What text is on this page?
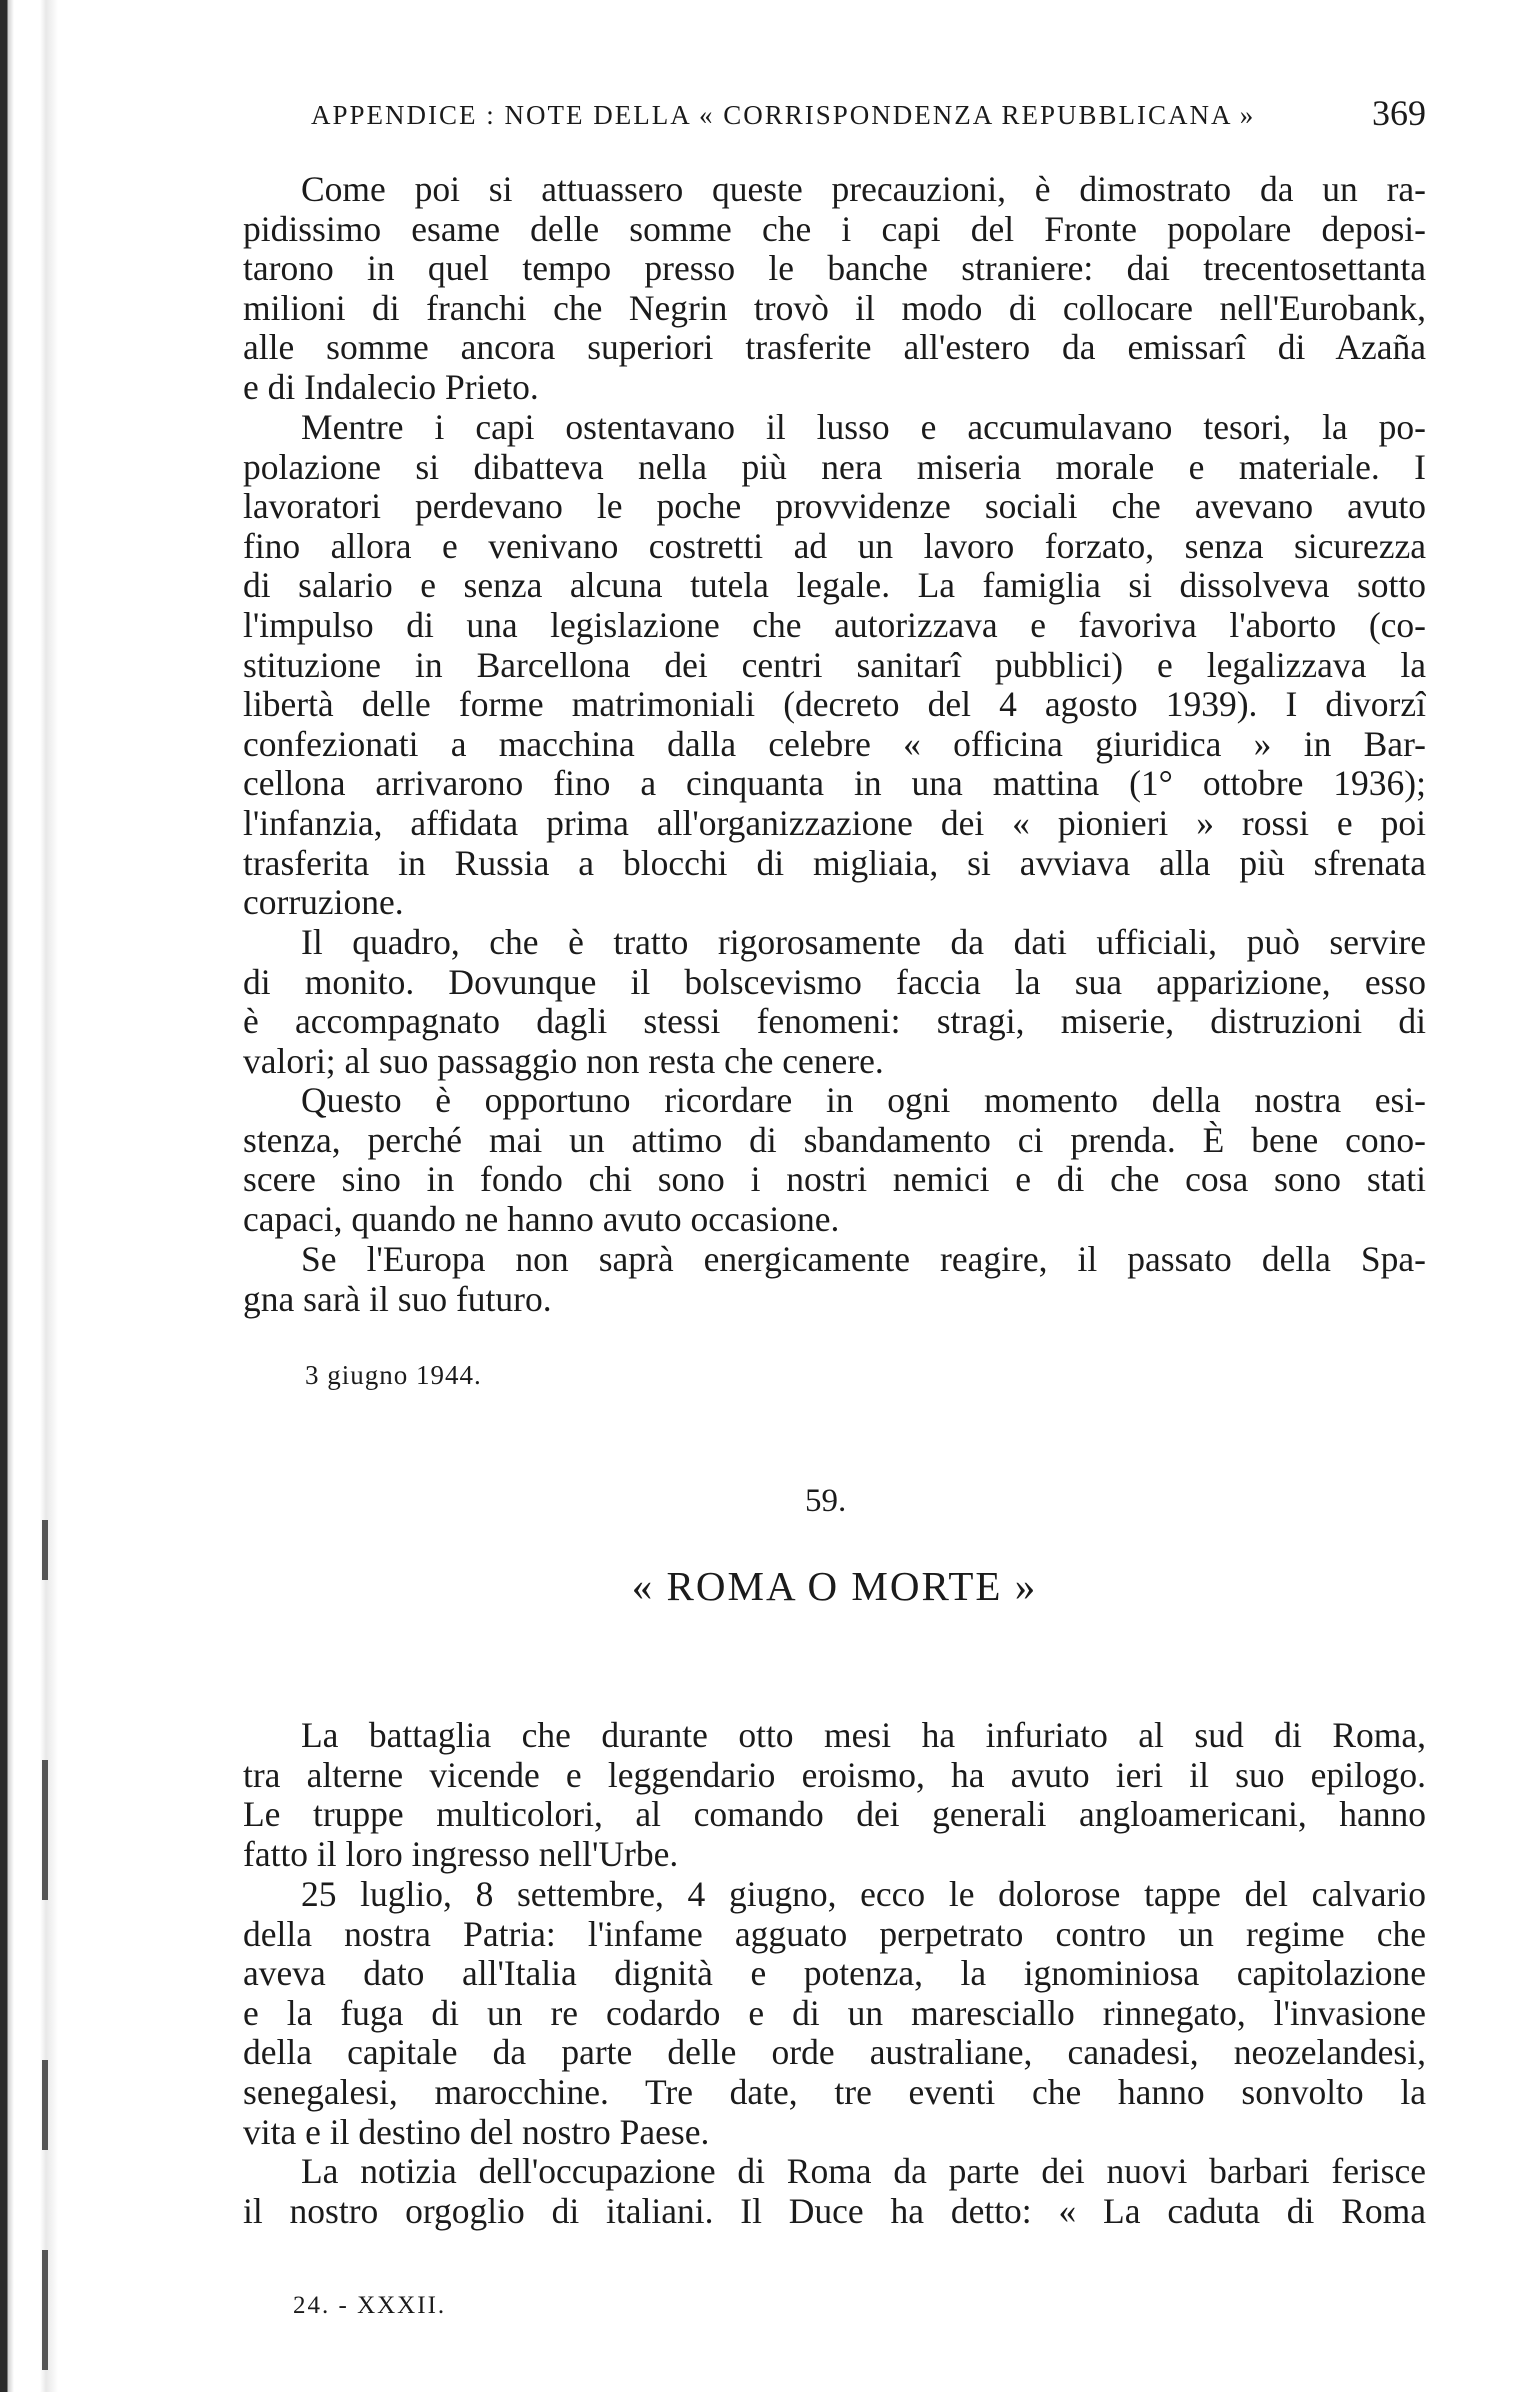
APPENDICE : NOTE DELLA « CORRISPONDENZA REPUBBLICANA »	369
Come poi si attuassero queste precauzioni, è dimostrato da un ra-
pidissimo esame delle somme che i capi del Fronte popolare deposi-
tarono in quel tempo presso le banche straniere: dai trecentosettanta
milioni di franchi che Negrin trovò il modo di collocare nell'Eurobank,
alle somme ancora superiori trasferite all'estero da emissarî di Azaña
e di Indalecio Prieto.
Mentre i capi ostentavano il lusso e accumulavano tesori, la po-
polazione si dibatteva nella più nera miseria morale e materiale. I
lavoratori perdevano le poche provvidenze sociali che avevano avuto
fino allora e venivano costretti ad un lavoro forzato, senza sicurezza
di salario e senza alcuna tutela legale. La famiglia si dissolveva sotto
l'impulso di una legislazione che autorizzava e favoriva l'aborto (co-
stituzione in Barcellona dei centri sanitarî pubblici) e legalizzava la
libertà delle forme matrimoniali (decreto del 4 agosto 1939). I divorzî
confezionati a macchina dalla celebre « officina giuridica » in Bar-
cellona arrivarono fino a cinquanta in una mattina (1° ottobre 1936);
l'infanzia, affidata prima all'organizzazione dei « pionieri » rossi e poi
trasferita in Russia a blocchi di migliaia, si avviava alla più sfrenata
corruzione.
Il quadro, che è tratto rigorosamente da dati ufficiali, può servire
di monito. Dovunque il bolscevismo faccia la sua apparizione, esso
è accompagnato dagli stessi fenomeni: stragi, miserie, distruzioni di
valori; al suo passaggio non resta che cenere.
Questo è opportuno ricordare in ogni momento della nostra esi-
stenza, perché mai un attimo di sbandamento ci prenda. È bene cono-
scere sino in fondo chi sono i nostri nemici e di che cosa sono stati
capaci, quando ne hanno avuto occasione.
Se l'Europa non saprà energicamente reagire, il passato della Spa-
gna sarà il suo futuro.
3 giugno 1944.
59.
« ROMA O MORTE »
La battaglia che durante otto mesi ha infuriato al sud di Roma,
tra alterne vicende e leggendario eroismo, ha avuto ieri il suo epilogo.
Le truppe multicolori, al comando dei generali angloamericani, hanno
fatto il loro ingresso nell'Urbe.
25 luglio, 8 settembre, 4 giugno, ecco le dolorose tappe del calvario
della nostra Patria: l'infame agguato perpetrato contro un regime che
aveva dato all'Italia dignità e potenza, la ignominiosa capitolazione
e la fuga di un re codardo e di un maresciallo rinnegato, l'invasione
della capitale da parte delle orde australiane, canadesi, neozelandesi,
senegalesi, marocchine. Tre date, tre eventi che hanno sonvolto la
vita e il destino del nostro Paese.
La notizia dell'occupazione di Roma da parte dei nuovi barbari ferisce
il nostro orgoglio di italiani. Il Duce ha detto: « La caduta di Roma
24. - XXXII.
